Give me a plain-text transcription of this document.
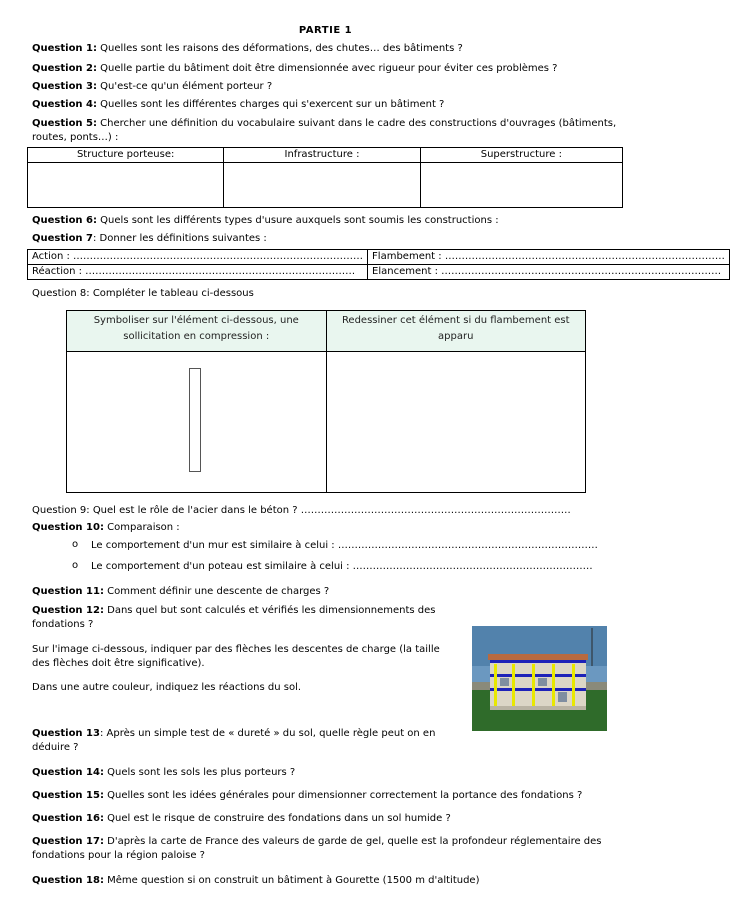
PARTIE 1
Question 1: Quelles sont les raisons des déformations, des chutes… des bâtiments ?
Question 2: Quelle partie du bâtiment doit être dimensionnée avec rigueur pour éviter ces problèmes ?
Question 3: Qu'est-ce qu'un élément porteur ?
Question 4: Quelles sont les différentes charges qui s'exercent sur un bâtiment ?
Question 5: Chercher une définition du vocabulaire suivant dans le cadre des constructions d'ouvrages (bâtiments, routes, ponts…) :
Structure porteuse:	Infrastructure :	Superstructure :

Question 6: Quels sont les différents types d'usure auxquels sont soumis les constructions :
Question 7: Donner les définitions suivantes :
Action : ……………………………………………………………………………	Flambement : …………………………………………………………………………
Réaction : ………………………………………………………………………	Elancement : …………………………………………………………………………
Question 8: Compléter le tableau ci-dessous
Symboliser sur l'élément ci-dessous, une sollicitation en compression :	Redessiner cet élément si du flambement est apparu

Question 9: Quel est le rôle de l'acier dans le béton ? ………………………………………………………………………
Question 10: Comparaison :
o Le comportement d'un mur est similaire à celui : ……………………………………………………………………
o Le comportement d'un poteau est similaire à celui : ………………………………………………………………
Question 11: Comment définir une descente de charges ?
Question 12: Dans quel but sont calculés et vérifiés les dimensionnements des fondations ?
Sur l'image ci-dessous, indiquer par des flèches les descentes de charge (la taille des flèches doit être significative).
Dans une autre couleur, indiquez les réactions du sol.
Question 13: Après un simple test de « dureté » du sol, quelle règle peut on en déduire ?
Question 14: Quels sont les sols les plus porteurs ?
Question 15: Quelles sont les idées générales pour dimensionner correctement la portance des fondations ?
Question 16: Quel est le risque de construire des fondations dans un sol humide ?
Question 17: D'après la carte de France des valeurs de garde de gel, quelle est la profondeur réglementaire des fondations pour la région paloise ?
Question 18: Même question si on construit un bâtiment à Gourette (1500 m d'altitude)
